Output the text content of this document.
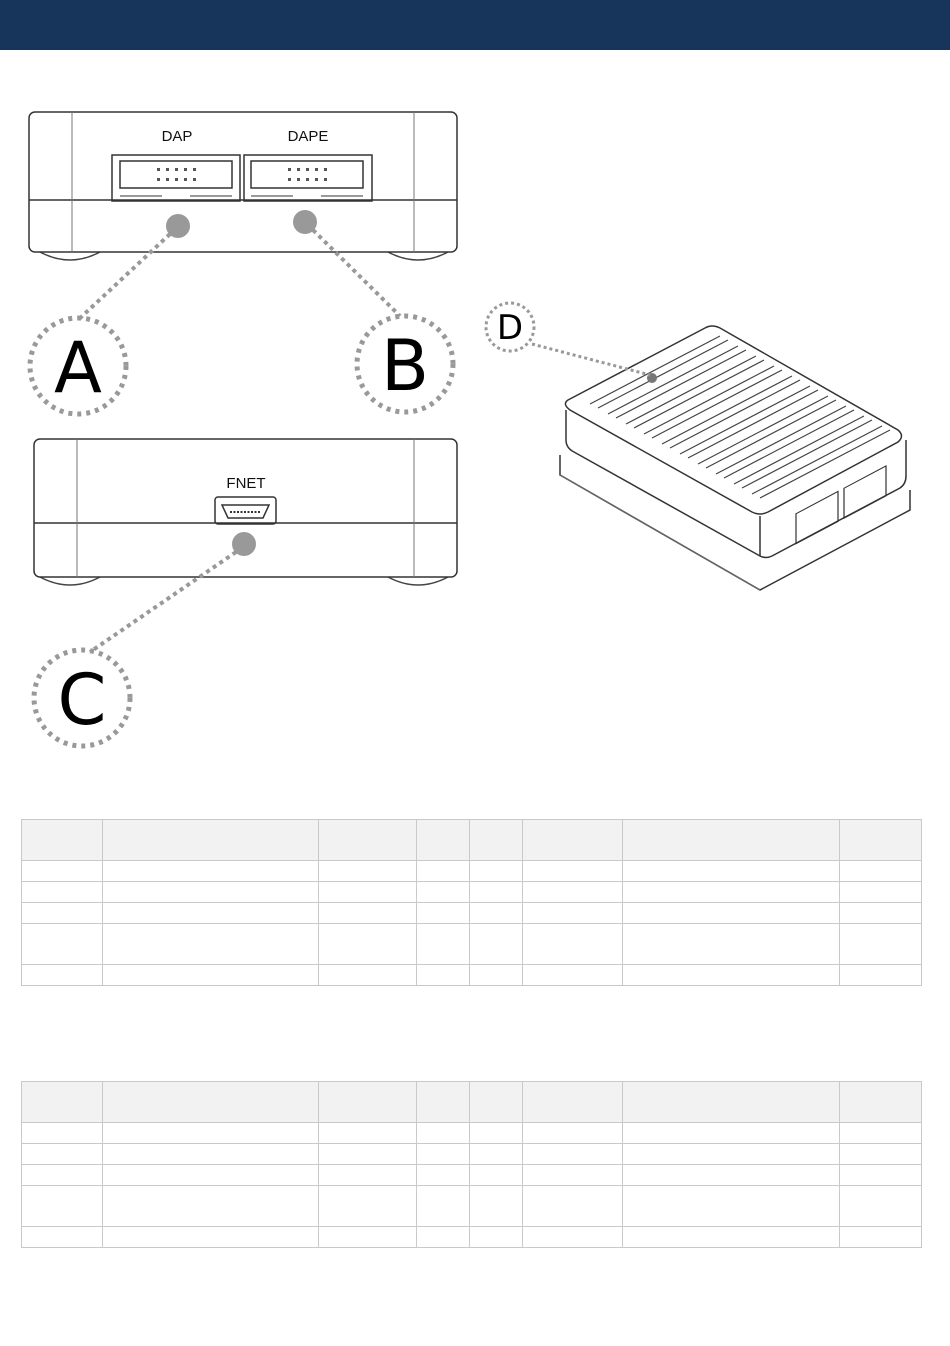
DAP	DAPE
A	B
FNET
C
D
